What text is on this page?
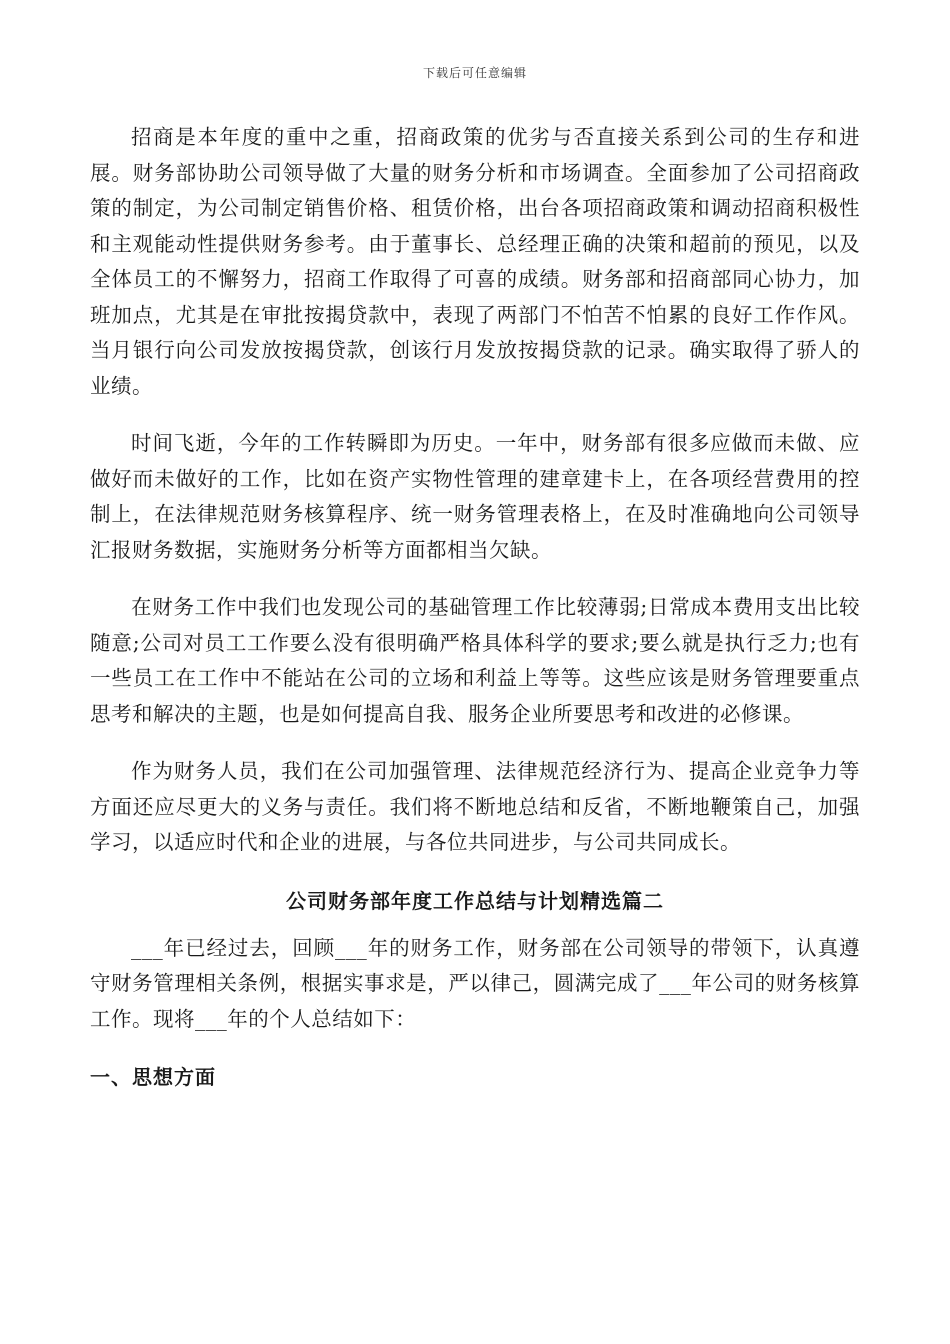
下载后可任意编辑

招商是本年度的重中之重，招商政策的优劣与否直接关系到公司的生存和进展。财务部协助公司领导做了大量的财务分析和市场调查。全面参加了公司招商政策的制定，为公司制定销售价格、租赁价格，出台各项招商政策和调动招商积极性和主观能动性提供财务参考。由于董事长、总经理正确的决策和超前的预见，以及全体员工的不懈努力，招商工作取得了可喜的成绩。财务部和招商部同心协力，加班加点，尤其是在审批按揭贷款中，表现了两部门不怕苦不怕累的良好工作作风。当月银行向公司发放按揭贷款，创该行月发放按揭贷款的记录。确实取得了骄人的业绩。

时间飞逝，今年的工作转瞬即为历史。一年中，财务部有很多应做而未做、应做好而未做好的工作，比如在资产实物性管理的建章建卡上，在各项经营费用的控制上，在法律规范财务核算程序、统一财务管理表格上，在及时准确地向公司领导汇报财务数据，实施财务分析等方面都相当欠缺。

在财务工作中我们也发现公司的基础管理工作比较薄弱;日常成本费用支出比较随意;公司对员工工作要么没有很明确严格具体科学的要求;要么就是执行乏力;也有一些员工在工作中不能站在公司的立场和利益上等等。这些应该是财务管理要重点思考和解决的主题，也是如何提高自我、服务企业所要思考和改进的必修课。

作为财务人员，我们在公司加强管理、法律规范经济行为、提高企业竞争力等方面还应尽更大的义务与责任。我们将不断地总结和反省，不断地鞭策自己，加强学习，以适应时代和企业的进展，与各位共同进步，与公司共同成长。

公司财务部年度工作总结与计划精选篇二

___年已经过去，回顾___年的财务工作，财务部在公司领导的带领下，认真遵守财务管理相关条例，根据实事求是，严以律己，圆满完成了___年公司的财务核算工作。现将___年的个人总结如下：

一、思想方面
